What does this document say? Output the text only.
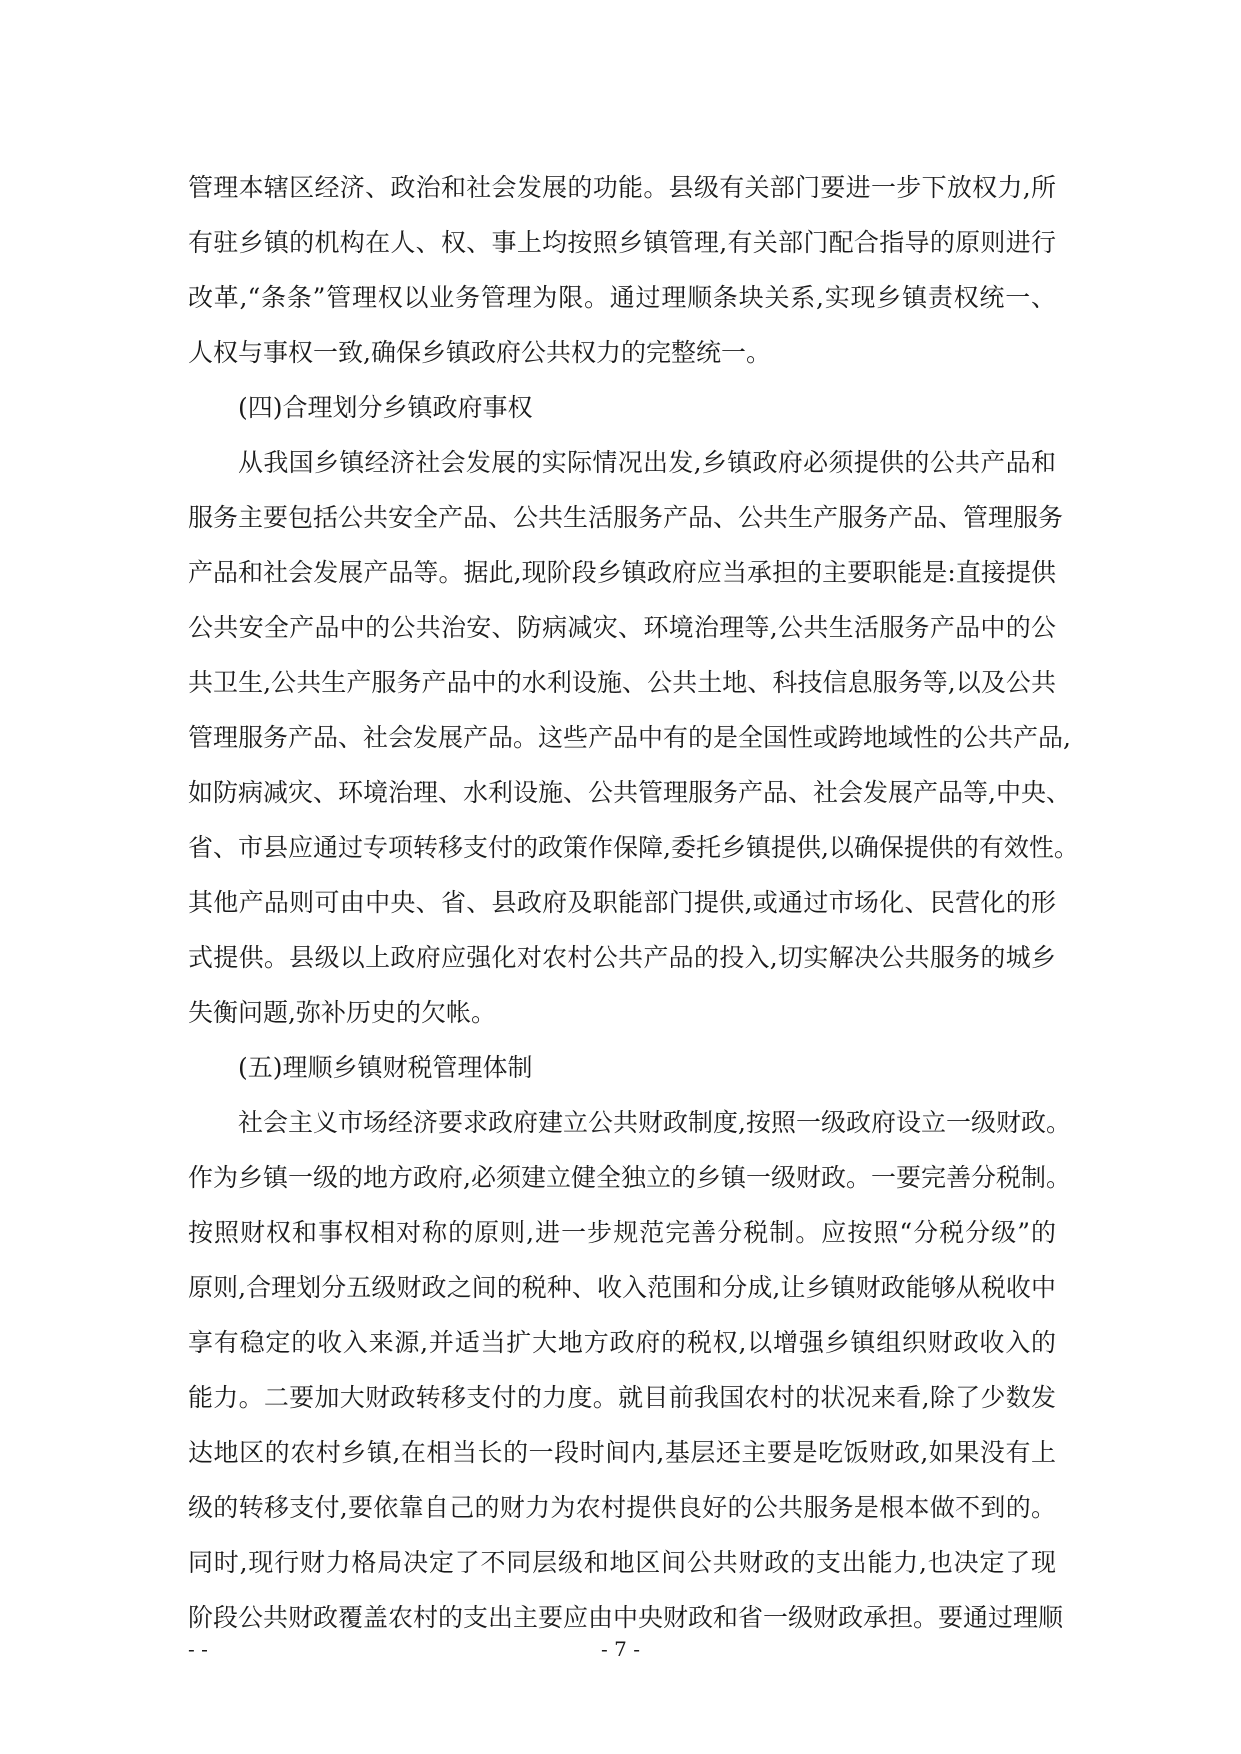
管理本辖区经济、政治和社会发展的功能。县级有关部门要进一步下放权力,所
有驻乡镇的机构在人、权、事上均按照乡镇管理,有关部门配合指导的原则进行
改革,“条条”管理权以业务管理为限。通过理顺条块关系,实现乡镇责权统一、
人权与事权一致,确保乡镇政府公共权力的完整统一。
(四)合理划分乡镇政府事权
从我国乡镇经济社会发展的实际情况出发,乡镇政府必须提供的公共产品和
服务主要包括公共安全产品、公共生活服务产品、公共生产服务产品、管理服务
产品和社会发展产品等。据此,现阶段乡镇政府应当承担的主要职能是:直接提供
公共安全产品中的公共治安、防病减灾、环境治理等,公共生活服务产品中的公
共卫生,公共生产服务产品中的水利设施、公共土地、科技信息服务等,以及公共
管理服务产品、社会发展产品。这些产品中有的是全国性或跨地域性的公共产品,
如防病减灾、环境治理、水利设施、公共管理服务产品、社会发展产品等,中央、
省、市县应通过专项转移支付的政策作保障,委托乡镇提供,以确保提供的有效性。
其他产品则可由中央、省、县政府及职能部门提供,或通过市场化、民营化的形
式提供。县级以上政府应强化对农村公共产品的投入,切实解决公共服务的城乡
失衡问题,弥补历史的欠帐。
(五)理顺乡镇财税管理体制
社会主义市场经济要求政府建立公共财政制度,按照一级政府设立一级财政。
作为乡镇一级的地方政府,必须建立健全独立的乡镇一级财政。一要完善分税制。
按照财权和事权相对称的原则,进一步规范完善分税制。应按照“分税分级”的
原则,合理划分五级财政之间的税种、收入范围和分成,让乡镇财政能够从税收中
享有稳定的收入来源,并适当扩大地方政府的税权,以增强乡镇组织财政收入的
能力。二要加大财政转移支付的力度。就目前我国农村的状况来看,除了少数发
达地区的农村乡镇,在相当长的一段时间内,基层还主要是吃饭财政,如果没有上
级的转移支付,要依靠自己的财力为农村提供良好的公共服务是根本做不到的。
同时,现行财力格局决定了不同层级和地区间公共财政的支出能力,也决定了现
阶段公共财政覆盖农村的支出主要应由中央财政和省一级财政承担。要通过理顺
- -	- 7 -
